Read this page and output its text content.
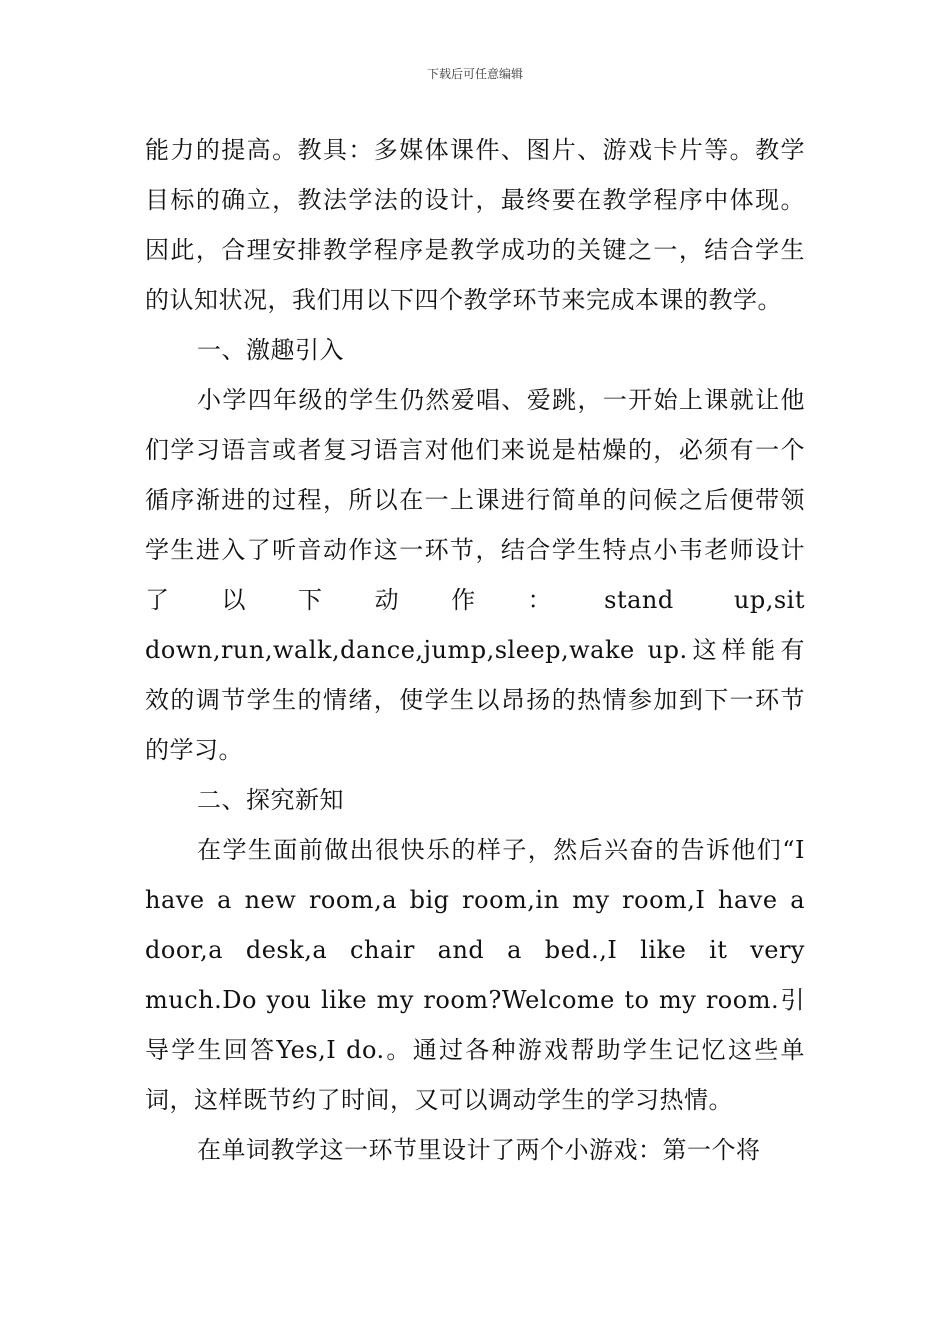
下载后可任意编辑

能力的提高。教具：多媒体课件、图片、游戏卡片等。教学目标的确立，教法学法的设计，最终要在教学程序中体现。因此，合理安排教学程序是教学成功的关键之一，结合学生的认知状况，我们用以下四个教学环节来完成本课的教学。

一、激趣引入

小学四年级的学生仍然爱唱、爱跳，一开始上课就让他们学习语言或者复习语言对他们来说是枯燥的，必须有一个循序渐进的过程，所以在一上课进行简单的问候之后便带领学生进入了听音动作这一环节，结合学生特点小韦老师设计了以下动作：stand up,sit down,run,walk,dance,jump,sleep,wake up.这样能有效的调节学生的情绪，使学生以昂扬的热情参加到下一环节的学习。

二、探究新知

在学生面前做出很快乐的样子，然后兴奋的告诉他们“I have a new room,a big room,in my room,I have a door,a desk,a chair and a bed.,I like it very much.Do you like my room?Welcome to my room.引导学生回答Yes,I do.。通过各种游戏帮助学生记忆这些单词，这样既节约了时间，又可以调动学生的学习热情。

在单词教学这一环节里设计了两个小游戏：第一个将
